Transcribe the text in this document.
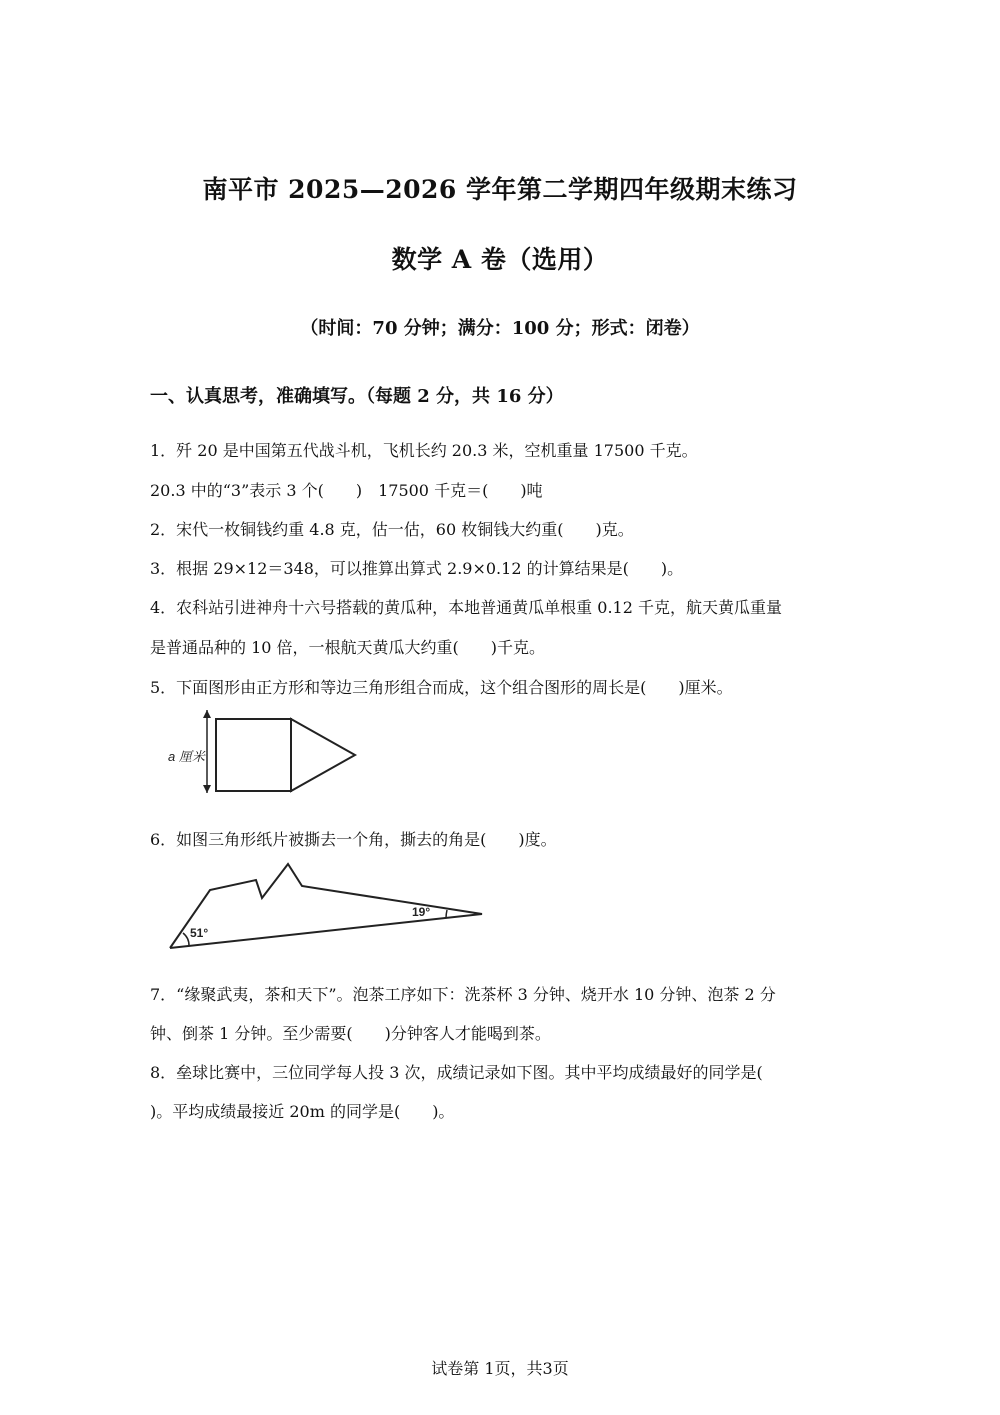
南平市 2025—2026 学年第二学期四年级期末练习
数学 A 卷（选用）
（时间：70 分钟；满分：100 分；形式：闭卷）
一、认真思考，准确填写。（每题 2 分，共 16 分）
1．歼 20 是中国第五代战斗机，飞机长约 20.3 米，空机重量 17500 千克。
20.3 中的“3”表示 3 个(　　)　17500 千克＝(　　)吨
2．宋代一枚铜钱约重 4.8 克，估一估，60 枚铜钱大约重(　　)克。
3．根据 29×12＝348，可以推算出算式 2.9×0.12 的计算结果是(　　)。
4．农科站引进神舟十六号搭载的黄瓜种，本地普通黄瓜单根重 0.12 千克，航天黄瓜重量
是普通品种的 10 倍，一根航天黄瓜大约重(　　)千克。
5．下面图形由正方形和等边三角形组合而成，这个组合图形的周长是(　　)厘米。
a 厘米
6．如图三角形纸片被撕去一个角，撕去的角是(　　)度。
51°
19°
7．“缘聚武夷，茶和天下”。泡茶工序如下：洗茶杯 3 分钟、烧开水 10 分钟、泡茶 2 分
钟、倒茶 1 分钟。至少需要(　　)分钟客人才能喝到茶。
8．垒球比赛中，三位同学每人投 3 次，成绩记录如下图。其中平均成绩最好的同学是(
)。平均成绩最接近 20m 的同学是(　　)。
试卷第 1页，共3页
